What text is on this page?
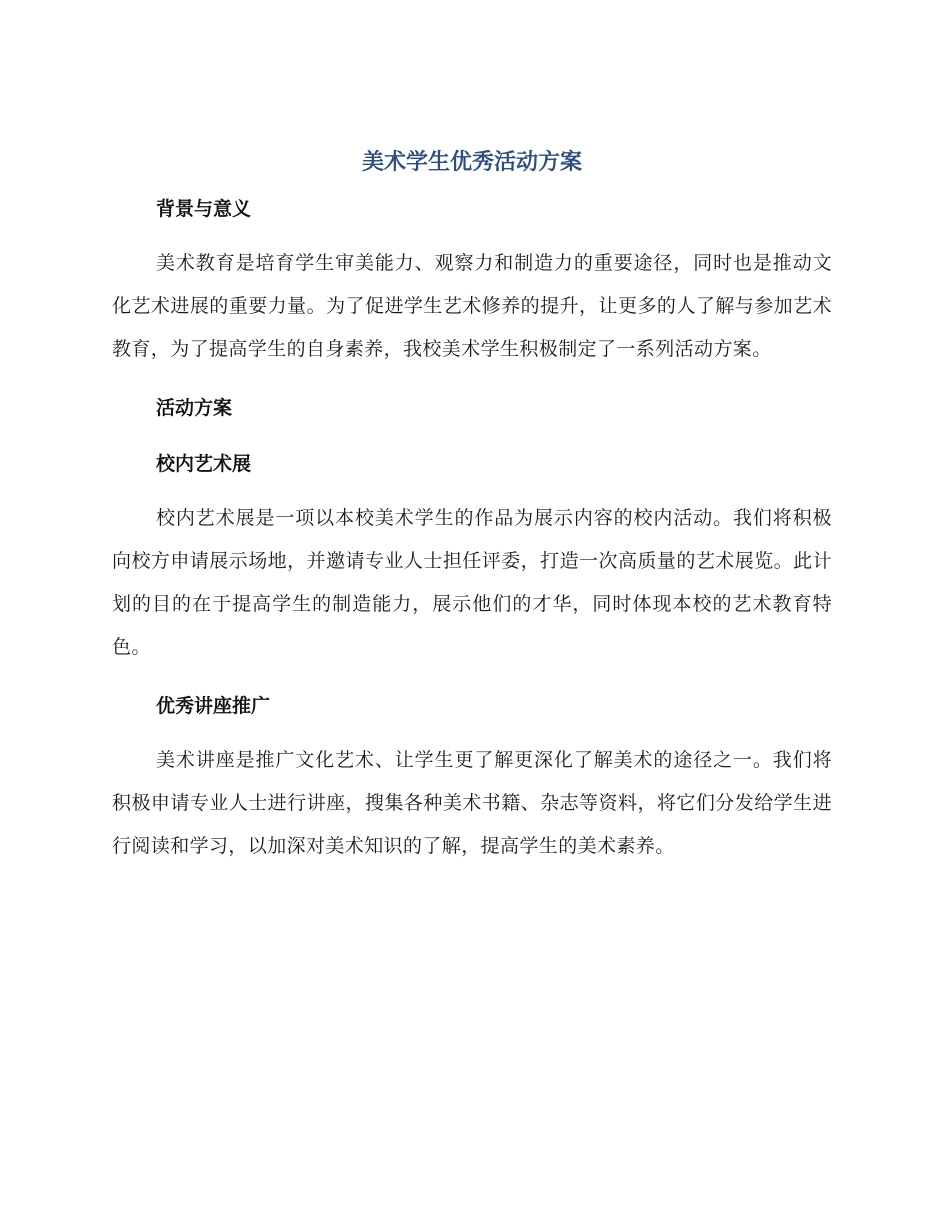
美术学生优秀活动方案
背景与意义

美术教育是培育学生审美能力、观察力和制造力的重要途径，同时也是推动文化艺术进展的重要力量。为了促进学生艺术修养的提升，让更多的人了解与参加艺术教育，为了提高学生的自身素养，我校美术学生积极制定了一系列活动方案。

活动方案
校内艺术展

校内艺术展是一项以本校美术学生的作品为展示内容的校内活动。我们将积极向校方申请展示场地，并邀请专业人士担任评委，打造一次高质量的艺术展览。此计划的目的在于提高学生的制造能力，展示他们的才华，同时体现本校的艺术教育特色。

优秀讲座推广

美术讲座是推广文化艺术、让学生更了解更深化了解美术的途径之一。我们将积极申请专业人士进行讲座，搜集各种美术书籍、杂志等资料，将它们分发给学生进行阅读和学习，以加深对美术知识的了解，提高学生的美术素养。
